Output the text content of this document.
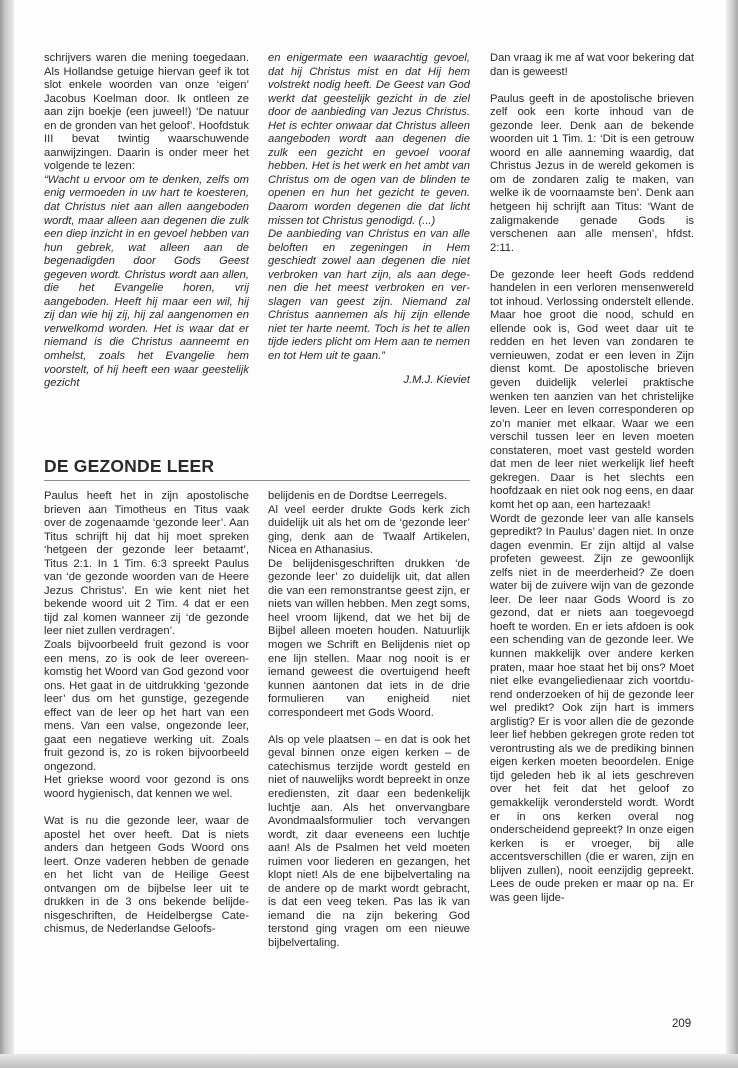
schrijvers waren die mening toegedaan. Als Hollandse getuige hiervan geef ik tot slot enkele woorden van onze ‘eigen’ Jacobus Koelman door. Ik ontleen ze aan zijn boekje (een juweel!) ‘De natuur en de gronden van het geloof’. Hoofdstuk III bevat twintig waarschuwende aanwijzingen. Daarin is onder meer het volgende te lezen:

“Wacht u ervoor om te denken, zelfs om enig vermoeden in uw hart te koesteren, dat Christus niet aan allen aangeboden wordt, maar alleen aan degenen die zulk een diep inzicht in en gevoel hebben van hun gebrek, wat alleen aan de begenadigden door Gods Geest gegeven wordt. Christus wordt aan allen, die het Evangelie horen, vrij aangeboden. Heeft hij maar een wil, hij zij dan wie hij zij, hij zal aangenomen en verwelkomd worden. Het is waar dat er niemand is die Christus aanneemt en omhelst, zoals het Evangelie hem voorstelt, of hij heeft een waar geestelijk gezicht

en enigermate een waarachtig gevoel, dat hij Christus mist en dat Hij hem volstrekt nodig heeft. De Geest van God werkt dat geestelijk gezicht in de ziel door de aanbieding van Jezus Christus. Het is echter onwaar dat Christus alleen aangeboden wordt aan degenen die zulk een gezicht en gevoel vooraf hebben. Het is het werk en het ambt van Christus om de ogen van de blinden te openen en hun het gezicht te geven. Daarom worden degenen die dat licht missen tot Christus genodigd. (...)

De aanbieding van Christus en van alle beloften en zegeningen in Hem geschiedt zowel aan degenen die niet verbroken van hart zijn, als aan degenen die het meest verbroken en verslagen van geest zijn. Niemand zal Christus aannemen als hij zijn ellende niet ter harte neemt. Toch is het te allen tijde ieders plicht om Hem aan te nemen en tot Hem uit te gaan.”

J.M.J. Kieviet

DE GEZONDE LEER

Paulus heeft het in zijn apostolische brieven aan Timotheus en Titus vaak over de zogenaamde ‘gezonde leer’. Aan Titus schrijft hij dat hij moet spreken ‘hetgeen der gezonde leer betaamt’, Titus 2:1. In 1 Tim. 6:3 spreekt Paulus van ‘de gezonde woorden van de Heere Jezus Christus’. En wie kent niet het bekende woord uit 2 Tim. 4 dat er een tijd zal komen wanneer zij ‘de gezonde leer niet zullen verdragen’.

Zoals bijvoorbeeld fruit gezond is voor een mens, zo is ook de leer overeenkomstig het Woord van God gezond voor ons. Het gaat in de uitdrukking ‘gezonde leer’ dus om het gunstige, gezegende effect van de leer op het hart van een mens. Van een valse, ongezonde leer, gaat een negatieve werking uit. Zoals fruit gezond is, zo is roken bijvoorbeeld ongezond.

Het griekse woord voor gezond is ons woord hygienisch, dat kennen we wel.

Wat is nu die gezonde leer, waar de apostel het over heeft. Dat is niets anders dan hetgeen Gods Woord ons leert. Onze vaderen hebben de genade en het licht van de Heilige Geest ontvangen om de bijbelse leer uit te drukken in de 3 ons bekende belijdenisgeschriften, de Heidelbergse Catechismus, de Nederlandse Geloofs-

belijdenis en de Dordtse Leerregels.

Al veel eerder drukte Gods kerk zich duidelijk uit als het om de ‘gezonde leer’ ging, denk aan de Twaalf Artikelen, Nicea en Athanasius.

De belijdenisgeschriften drukken ‘de gezonde leer’ zo duidelijk uit, dat allen die van een remonstrantse geest zijn, er niets van willen hebben. Men zegt soms, heel vroom lijkend, dat we het bij de Bijbel alleen moeten houden. Natuurlijk mogen we Schrift en Belijdenis niet op ene lijn stellen. Maar nog nooit is er iemand geweest die overtuigend heeft kunnen aantonen dat iets in de drie formulieren van enigheid niet correspondeert met Gods Woord.

Als op vele plaatsen – en dat is ook het geval binnen onze eigen kerken – de catechismus terzijde wordt gesteld en niet of nauwelijks wordt bepreekt in onze erediensten, zit daar een bedenkelijk luchtje aan. Als het onvervangbare Avondmaalsformulier toch vervangen wordt, zit daar eveneens een luchtje aan! Als de Psalmen het veld moeten ruimen voor liederen en gezangen, het klopt niet! Als de ene bijbelvertaling na de andere op de markt wordt gebracht, is dat een veeg teken. Pas las ik van iemand die na zijn bekering God terstond ging vragen om een nieuwe bijbelvertaling.

Dan vraag ik me af wat voor bekering dat dan is geweest!

Paulus geeft in de apostolische brieven zelf ook een korte inhoud van de gezonde leer. Denk aan de bekende woorden uit 1 Tim. 1: ‘Dit is een getrouw woord en alle aanneming waardig, dat Christus Jezus in de wereld gekomen is om de zondaren zalig te maken, van welke ik de voornaamste ben’. Denk aan hetgeen hij schrijft aan Titus: ‘Want de zaligmakende genade Gods is verschenen aan alle mensen’, hfdst. 2:11.

De gezonde leer heeft Gods reddend handelen in een verloren mensenwereld tot inhoud. Verlossing onderstelt ellende. Maar hoe groot die nood, schuld en ellende ook is, God weet daar uit te redden en het leven van zondaren te vernieuwen, zodat er een leven in Zijn dienst komt. De apostolische brieven geven duidelijk velerlei praktische wenken ten aanzien van het christelijke leven. Leer en leven corresponderen op zo’n manier met elkaar. Waar we een verschil tussen leer en leven moeten constateren, moet vast gesteld worden dat men de leer niet werkelijk lief heeft gekregen. Daar is het slechts een hoofdzaak en niet ook nog eens, en daar komt het op aan, een hartezaak!

Wordt de gezonde leer van alle kansels gepredikt? In Paulus’ dagen niet. In onze dagen evenmin. Er zijn altijd al valse profeten geweest. Zijn ze gewoonlijk zelfs niet in de meerderheid? Ze doen water bij de zuivere wijn van de gezonde leer. De leer naar Gods Woord is zo gezond, dat er niets aan toegevoegd hoeft te worden. En er iets afdoen is ook een schending van de gezonde leer. We kunnen makkelijk over andere kerken praten, maar hoe staat het bij ons? Moet niet elke evangeliedienaar zich voortdurend onderzoeken of hij de gezonde leer wel predikt? Ook zijn hart is immers arglistig? Er is voor allen die de gezonde leer lief hebben gekregen grote reden tot verontrusting als we de prediking binnen eigen kerken moeten beoordelen. Enige tijd geleden heb ik al iets geschreven over het feit dat het geloof zo gemakkelijk verondersteld wordt. Wordt er in ons kerken overal nog onderscheidend gepreekt? In onze eigen kerken is er vroeger, bij alle accentsverschillen (die er waren, zijn en blijven zullen), nooit eenzijdig gepreekt. Lees de oude preken er maar op na. Er was geen lijde-

209
